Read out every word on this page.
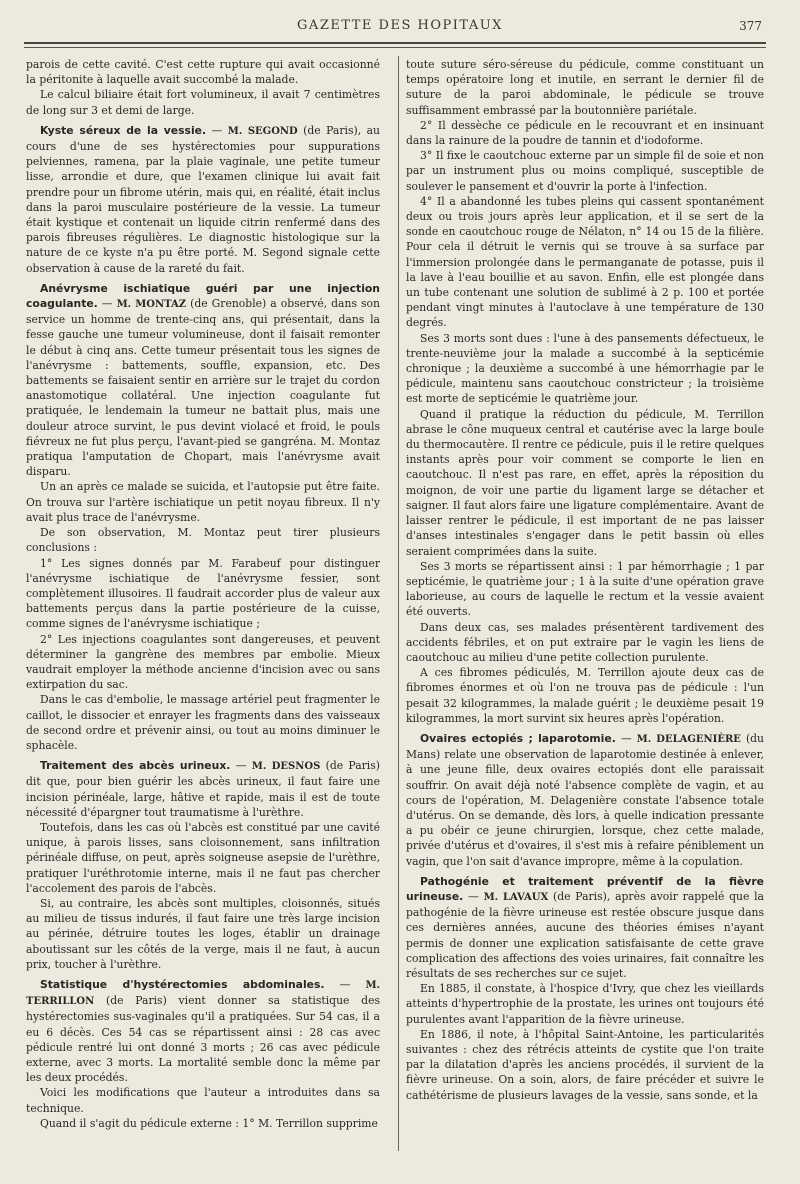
GAZETTE DES HOPITAUX	377

parois de cette cavité. C'est cette rupture qui avait occasionné la péritonite à laquelle avait succombé la malade.

Le calcul biliaire était fort volumineux, il avait 7 centimètres de long sur 3 et demi de large.

Kyste séreux de la vessie. — M. SEGOND (de Paris), au cours d'une de ses hystérectomies pour suppurations pelviennes, ramena, par la plaie vaginale, une petite tumeur lisse, arrondie et dure, que l'examen clinique lui avait fait prendre pour un fibrome utérin, mais qui, en réalité, était inclus dans la paroi musculaire postérieure de la vessie. La tumeur était kystique et contenait un liquide citrin renfermé dans des parois fibreuses régulières. Le diagnostic histologique sur la nature de ce kyste n'a pu être porté. M. Segond signale cette observation à cause de la rareté du fait.

Anévrysme ischiatique guéri par une injection coagulante. — M. MONTAZ (de Grenoble) a observé, dans son service un homme de trente-cinq ans, qui présentait, dans la fesse gauche une tumeur volumineuse, dont il faisait remonter le début à cinq ans. Cette tumeur présentait tous les signes de l'anévrysme : battements, souffle, expansion, etc. Des battements se faisaient sentir en arrière sur le trajet du cordon anastomotique collatéral. Une injection coagulante fut pratiquée, le lendemain la tumeur ne battait plus, mais une douleur atroce survint, le pus devint violacé et froid, le pouls fiévreux ne fut plus perçu, l'avant-pied se gangréna. M. Montaz pratiqua l'amputation de Chopart, mais l'anévrysme avait disparu.

Un an après ce malade se suicida, et l'autopsie put être faite. On trouva sur l'artère ischiatique un petit noyau fibreux. Il n'y avait plus trace de l'anévrysme.

De son observation, M. Montaz peut tirer plusieurs conclusions :

1° Les signes donnés par M. Farabeuf pour distinguer l'anévrysme ischiatique de l'anévrysme fessier, sont complètement illusoires. Il faudrait accorder plus de valeur aux battements perçus dans la partie postérieure de la cuisse, comme signes de l'anévrysme ischiatique ;

2° Les injections coagulantes sont dangereuses, et peuvent déterminer la gangrène des membres par embolie. Mieux vaudrait employer la méthode ancienne d'incision avec ou sans extirpation du sac.

Dans le cas d'embolie, le massage artériel peut fragmenter le caillot, le dissocier et enrayer les fragments dans des vaisseaux de second ordre et prévenir ainsi, ou tout au moins diminuer le sphacèle.

Traitement des abcès urineux. — M. DESNOS (de Paris) dit que, pour bien guérir les abcès urineux, il faut faire une incision périnéale, large, hâtive et rapide, mais il est de toute nécessité d'épargner tout traumatisme à l'urèthre.

Toutefois, dans les cas où l'abcès est constitué par une cavité unique, à parois lisses, sans cloisonnement, sans infiltration périnéale diffuse, on peut, après soigneuse asepsie de l'urèthre, pratiquer l'uréthrotomie interne, mais il ne faut pas chercher l'accolement des parois de l'abcès.

Si, au contraire, les abcès sont multiples, cloisonnés, situés au milieu de tissus indurés, il faut faire une très large incision au périnée, détruire toutes les loges, établir un drainage aboutissant sur les côtés de la verge, mais il ne faut, à aucun prix, toucher à l'urèthre.

Statistique d'hystérectomies abdominales. — M. TERRILLON (de Paris) vient donner sa statistique des hystérectomies sus-vaginales qu'il a pratiquées. Sur 54 cas, il a eu 6 décès. Ces 54 cas se répartissent ainsi : 28 cas avec pédicule rentré lui ont donné 3 morts ; 26 cas avec pédicule externe, avec 3 morts. La mortalité semble donc la même par les deux procédés.

Voici les modifications que l'auteur a introduites dans sa technique.

Quand il s'agit du pédicule externe : 1° M. Terrillon supprime

toute suture séro-séreuse du pédicule, comme constituant un temps opératoire long et inutile, en serrant le dernier fil de suture de la paroi abdominale, le pédicule se trouve suffisamment embrassé par la boutonnière pariétale.

2° Il dessèche ce pédicule en le recouvrant et en insinuant dans la rainure de la poudre de tannin et d'iodoforme.

3° Il fixe le caoutchouc externe par un simple fil de soie et non par un instrument plus ou moins compliqué, susceptible de soulever le pansement et d'ouvrir la porte à l'infection.

4° Il a abandonné les tubes pleins qui cassent spontanément deux ou trois jours après leur application, et il se sert de la sonde en caoutchouc rouge de Nélaton, n° 14 ou 15 de la filière. Pour cela il détruit le vernis qui se trouve à sa surface par l'immersion prolongée dans le permanganate de potasse, puis il la lave à l'eau bouillie et au savon. Enfin, elle est plongée dans un tube contenant une solution de sublimé à 2 p. 100 et portée pendant vingt minutes à l'autoclave à une température de 130 degrés.

Ses 3 morts sont dues : l'une à des pansements défectueux, le trente-neuvième jour la malade a succombé à la septicémie chronique ; la deuxième a succombé à une hémorrhagie par le pédicule, maintenu sans caoutchouc constricteur ; la troisième est morte de septicémie le quatrième jour.

Quand il pratique la réduction du pédicule, M. Terrillon abrase le cône muqueux central et cautérise avec la large boule du thermocautère. Il rentre ce pédicule, puis il le retire quelques instants après pour voir comment se comporte le lien en caoutchouc. Il n'est pas rare, en effet, après la réposition du moignon, de voir une partie du ligament large se détacher et saigner. Il faut alors faire une ligature complémentaire. Avant de laisser rentrer le pédicule, il est important de ne pas laisser d'anses intestinales s'engager dans le petit bassin où elles seraient comprimées dans la suite.

Ses 3 morts se répartissent ainsi : 1 par hémorrhagie ; 1 par septicémie, le quatrième jour ; 1 à la suite d'une opération grave laborieuse, au cours de laquelle le rectum et la vessie avaient été ouverts.

Dans deux cas, ses malades présentèrent tardivement des accidents fébriles, et on put extraire par le vagin les liens de caoutchouc au milieu d'une petite collection purulente.

A ces fibromes pédiculés, M. Terrillon ajoute deux cas de fibromes énormes et où l'on ne trouva pas de pédicule : l'un pesait 32 kilogrammes, la malade guérit ; le deuxième pesait 19 kilogrammes, la mort survint six heures après l'opération.

Ovaires ectopiés ; laparotomie. — M. DELAGENIÈRE (du Mans) relate une observation de laparotomie destinée à enlever, à une jeune fille, deux ovaires ectopiés dont elle paraissait souffrir. On avait déjà noté l'absence complète de vagin, et au cours de l'opération, M. Delagenière constate l'absence totale d'utérus. On se demande, dès lors, à quelle indication pressante a pu obéir ce jeune chirurgien, lorsque, chez cette malade, privée d'utérus et d'ovaires, il s'est mis à refaire péniblement un vagin, que l'on sait d'avance impropre, même à la copulation.

Pathogénie et traitement préventif de la fièvre urineuse. — M. LAVAUX (de Paris), après avoir rappelé que la pathogénie de la fièvre urineuse est restée obscure jusque dans ces dernières années, aucune des théories émises n'ayant permis de donner une explication satisfaisante de cette grave complication des affections des voies urinaires, fait connaître les résultats de ses recherches sur ce sujet.

En 1885, il constate, à l'hospice d'Ivry, que chez les vieillards atteints d'hypertrophie de la prostate, les urines ont toujours été purulentes avant l'apparition de la fièvre urineuse.

En 1886, il note, à l'hôpital Saint-Antoine, les particularités suivantes : chez des rétrécis atteints de cystite que l'on traite par la dilatation d'après les anciens procédés, il survient de la fièvre urineuse. On a soin, alors, de faire précéder et suivre le cathétérisme de plusieurs lavages de la vessie, sans sonde, et la
